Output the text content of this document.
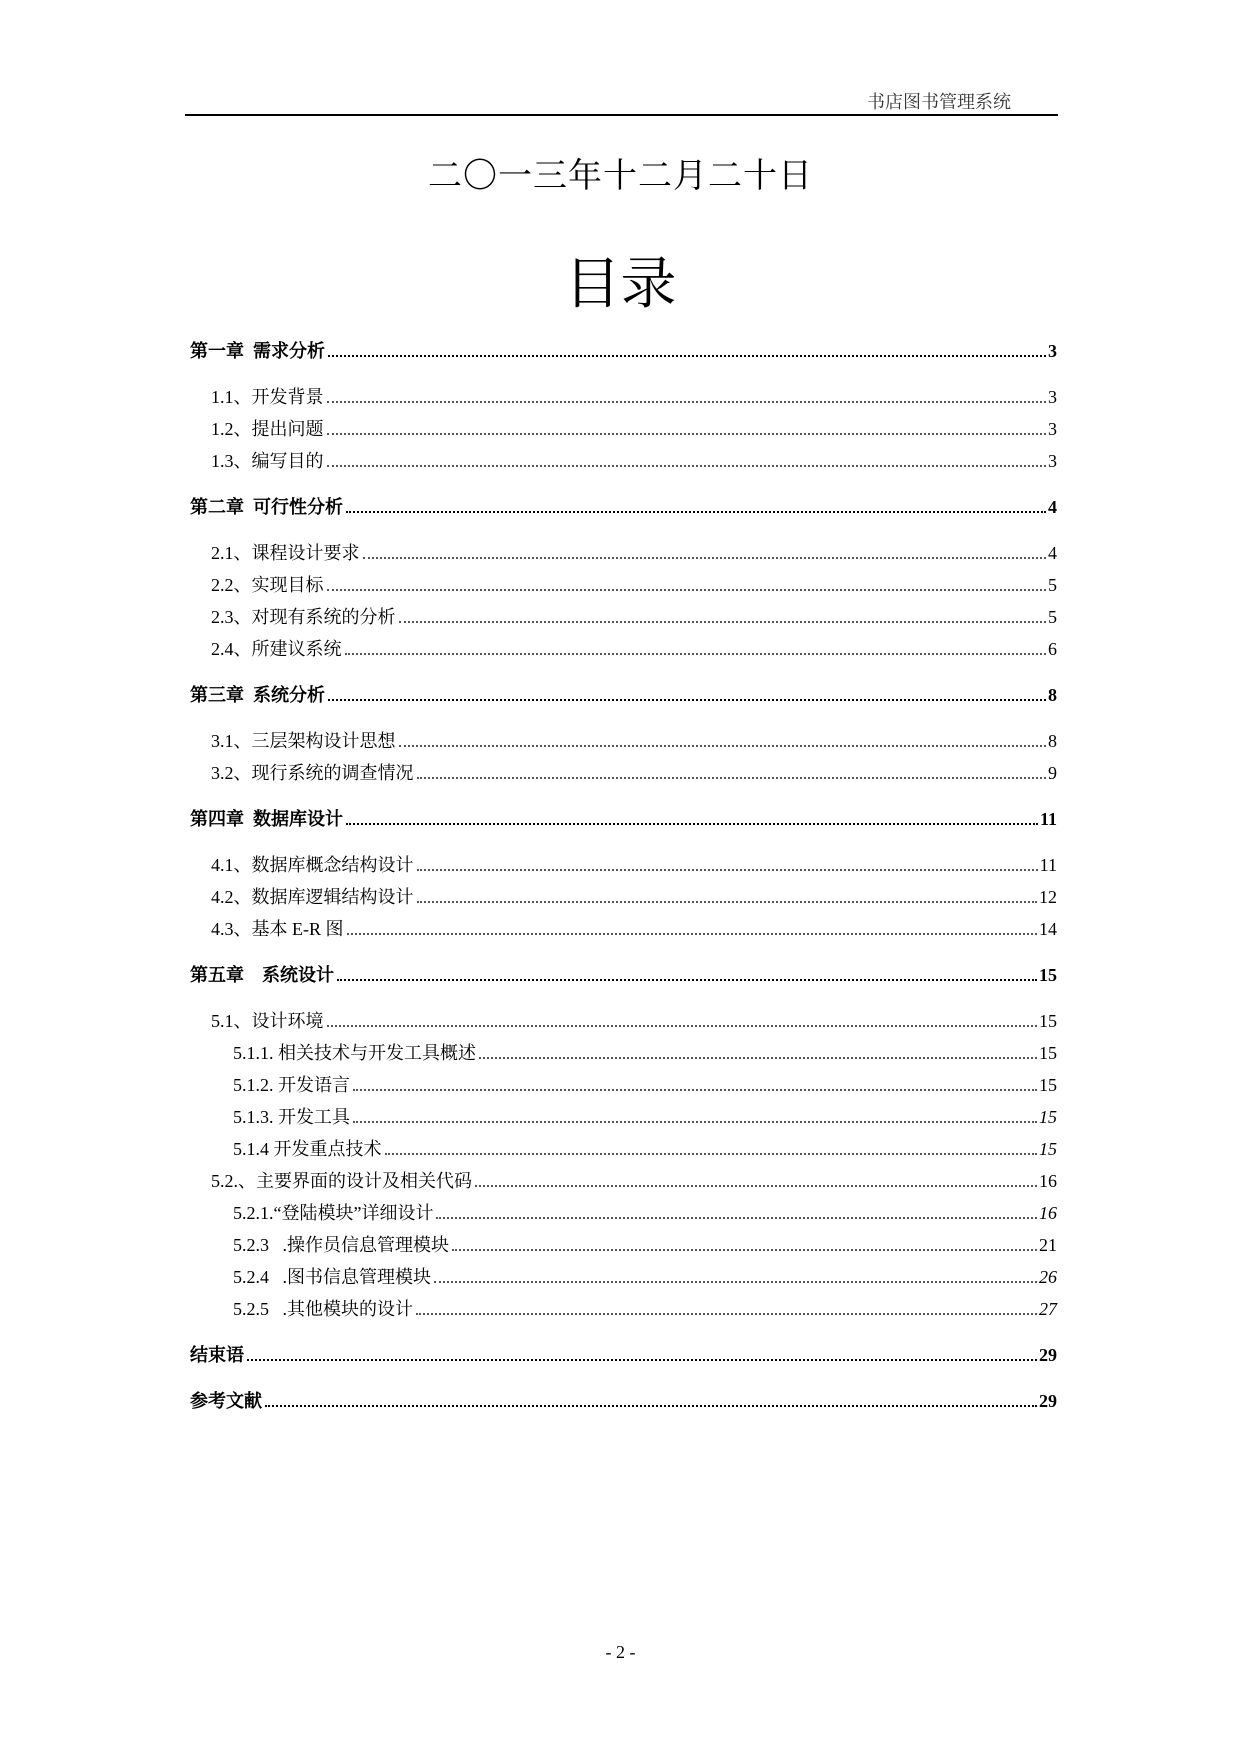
书店图书管理系统
二〇一三年十二月二十日
目录
第一章  需求分析	3
1.1、开发背景	3
1.2、提出问题	3
1.3、编写目的	3
第二章  可行性分析	4
2.1、课程设计要求	4
2.2、实现目标	5
2.3、对现有系统的分析	5
2.4、所建议系统	6
第三章  系统分析	8
3.1、三层架构设计思想	8
3.2、现行系统的调查情况	9
第四章  数据库设计	11
4.1、数据库概念结构设计	11
4.2、数据库逻辑结构设计	12
4.3、基本 E-R 图	14
第五章    系统设计	15
5.1、设计环境	15
5.1.1. 相关技术与开发工具概述	15
5.1.2. 开发语言	15
5.1.3. 开发工具	15
5.1.4 开发重点技术	15
5.2.、主要界面的设计及相关代码	16
5.2.1.“登陆模块”详细设计	16
5.2.3   .操作员信息管理模块	21
5.2.4   .图书信息管理模块	26
5.2.5   .其他模块的设计	27
结束语	29
参考文献	29
- 2 -
